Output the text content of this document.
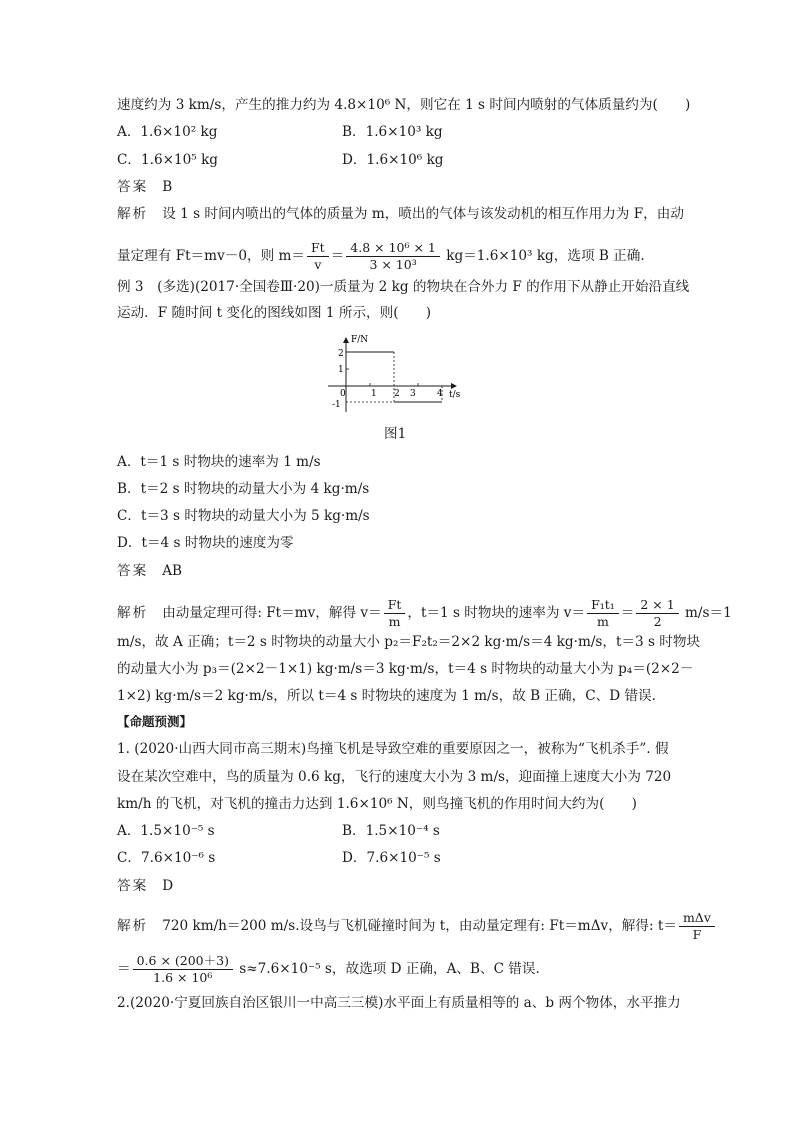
速度约为 3 km/s，产生的推力约为 4.8×10⁶ N，则它在 1 s 时间内喷射的气体质量约为(　　)
A．1.6×10² kg	B．1.6×10³ kg
C．1.6×10⁵ kg	D．1.6×10⁶ kg
答案 B
解析 设 1 s 时间内喷出的气体的质量为 m，喷出的气体与该发动机的相互作用力为 F，由动
量定理有 Ft＝mv－0，则 $m= \frac{Ft}{v} = \frac{\text{4.8 × 10⁶ × 1}}{\text{3 × 10³}} kg=1.6\times 10^3$ kg，选项 B 正确.
例 3　(多选)(2017·全国卷Ⅲ·20)一质量为 2 kg 的物块在合外力 F 的作用下从静止开始沿直线
运动．F 随时间 t 变化的图线如图 1 所示，则(　　)
F/N
t/s
0	1 2 3 4
2
1
-1
图1
A．t＝1 s 时物块的速率为 1 m/s
B．t＝2 s 时物块的动量大小为 4 kg·m/s
C．t＝3 s 时物块的动量大小为 5 kg·m/s
D．t＝4 s 时物块的速度为零
答案 AB
解析 由动量定理可得: Ft＝mv，解得 $v= \frac{Ft}{m}$ ，t＝1 s 时物块的速率为 $v= \frac{\text{F₁t₁}}{m} = \frac{2 \times 1}{2} m/s=1$
m/s，故 A 正确；t＝2 s 时物块的动量大小 p₂＝F₂t₂＝2×2 kg·m/s＝4 kg·m/s，t＝3 s 时物块
的动量大小为 p₃＝(2×2－1×1) kg·m/s＝3 kg·m/s，t＝4 s 时物块的动量大小为 p₄＝(2×2－
1×2) kg·m/s＝2 kg·m/s，所以 t＝4 s 时物块的速度为 1 m/s，故 B 正确，C、D 错误.
【命题预测】
1. (2020·山西大同市高三期末)鸟撞飞机是导致空难的重要原因之一，被称为“飞机杀手”. 假
设在某次空难中，鸟的质量为 0.6 kg，飞行的速度大小为 3 m/s，迎面撞上速度大小为 720
km/h 的飞机，对飞机的撞击力达到 1.6×10⁶ N，则鸟撞飞机的作用时间大约为(　　)
A．1.5×10⁻⁵ s	B．1.5×10⁻⁴ s
C．7.6×10⁻⁶ s	D．7.6×10⁻⁵ s
答案 D
解析 720 km/h＝200 m/s.设鸟与飞机碰撞时间为 t，由动量定理有: Ft＝mΔv，解得: $t= \frac{\text{mΔv}}{F}$
＝ $\frac{0.6 \times (200+3)}{\text{1.6 × 10⁶}} s\approx 7.6\times 10^{-5}$ s，故选项 D 正确，A、B、C 错误.
2.(2020·宁夏回族自治区银川一中高三三模)水平面上有质量相等的 a、b 两个物体，水平推力
